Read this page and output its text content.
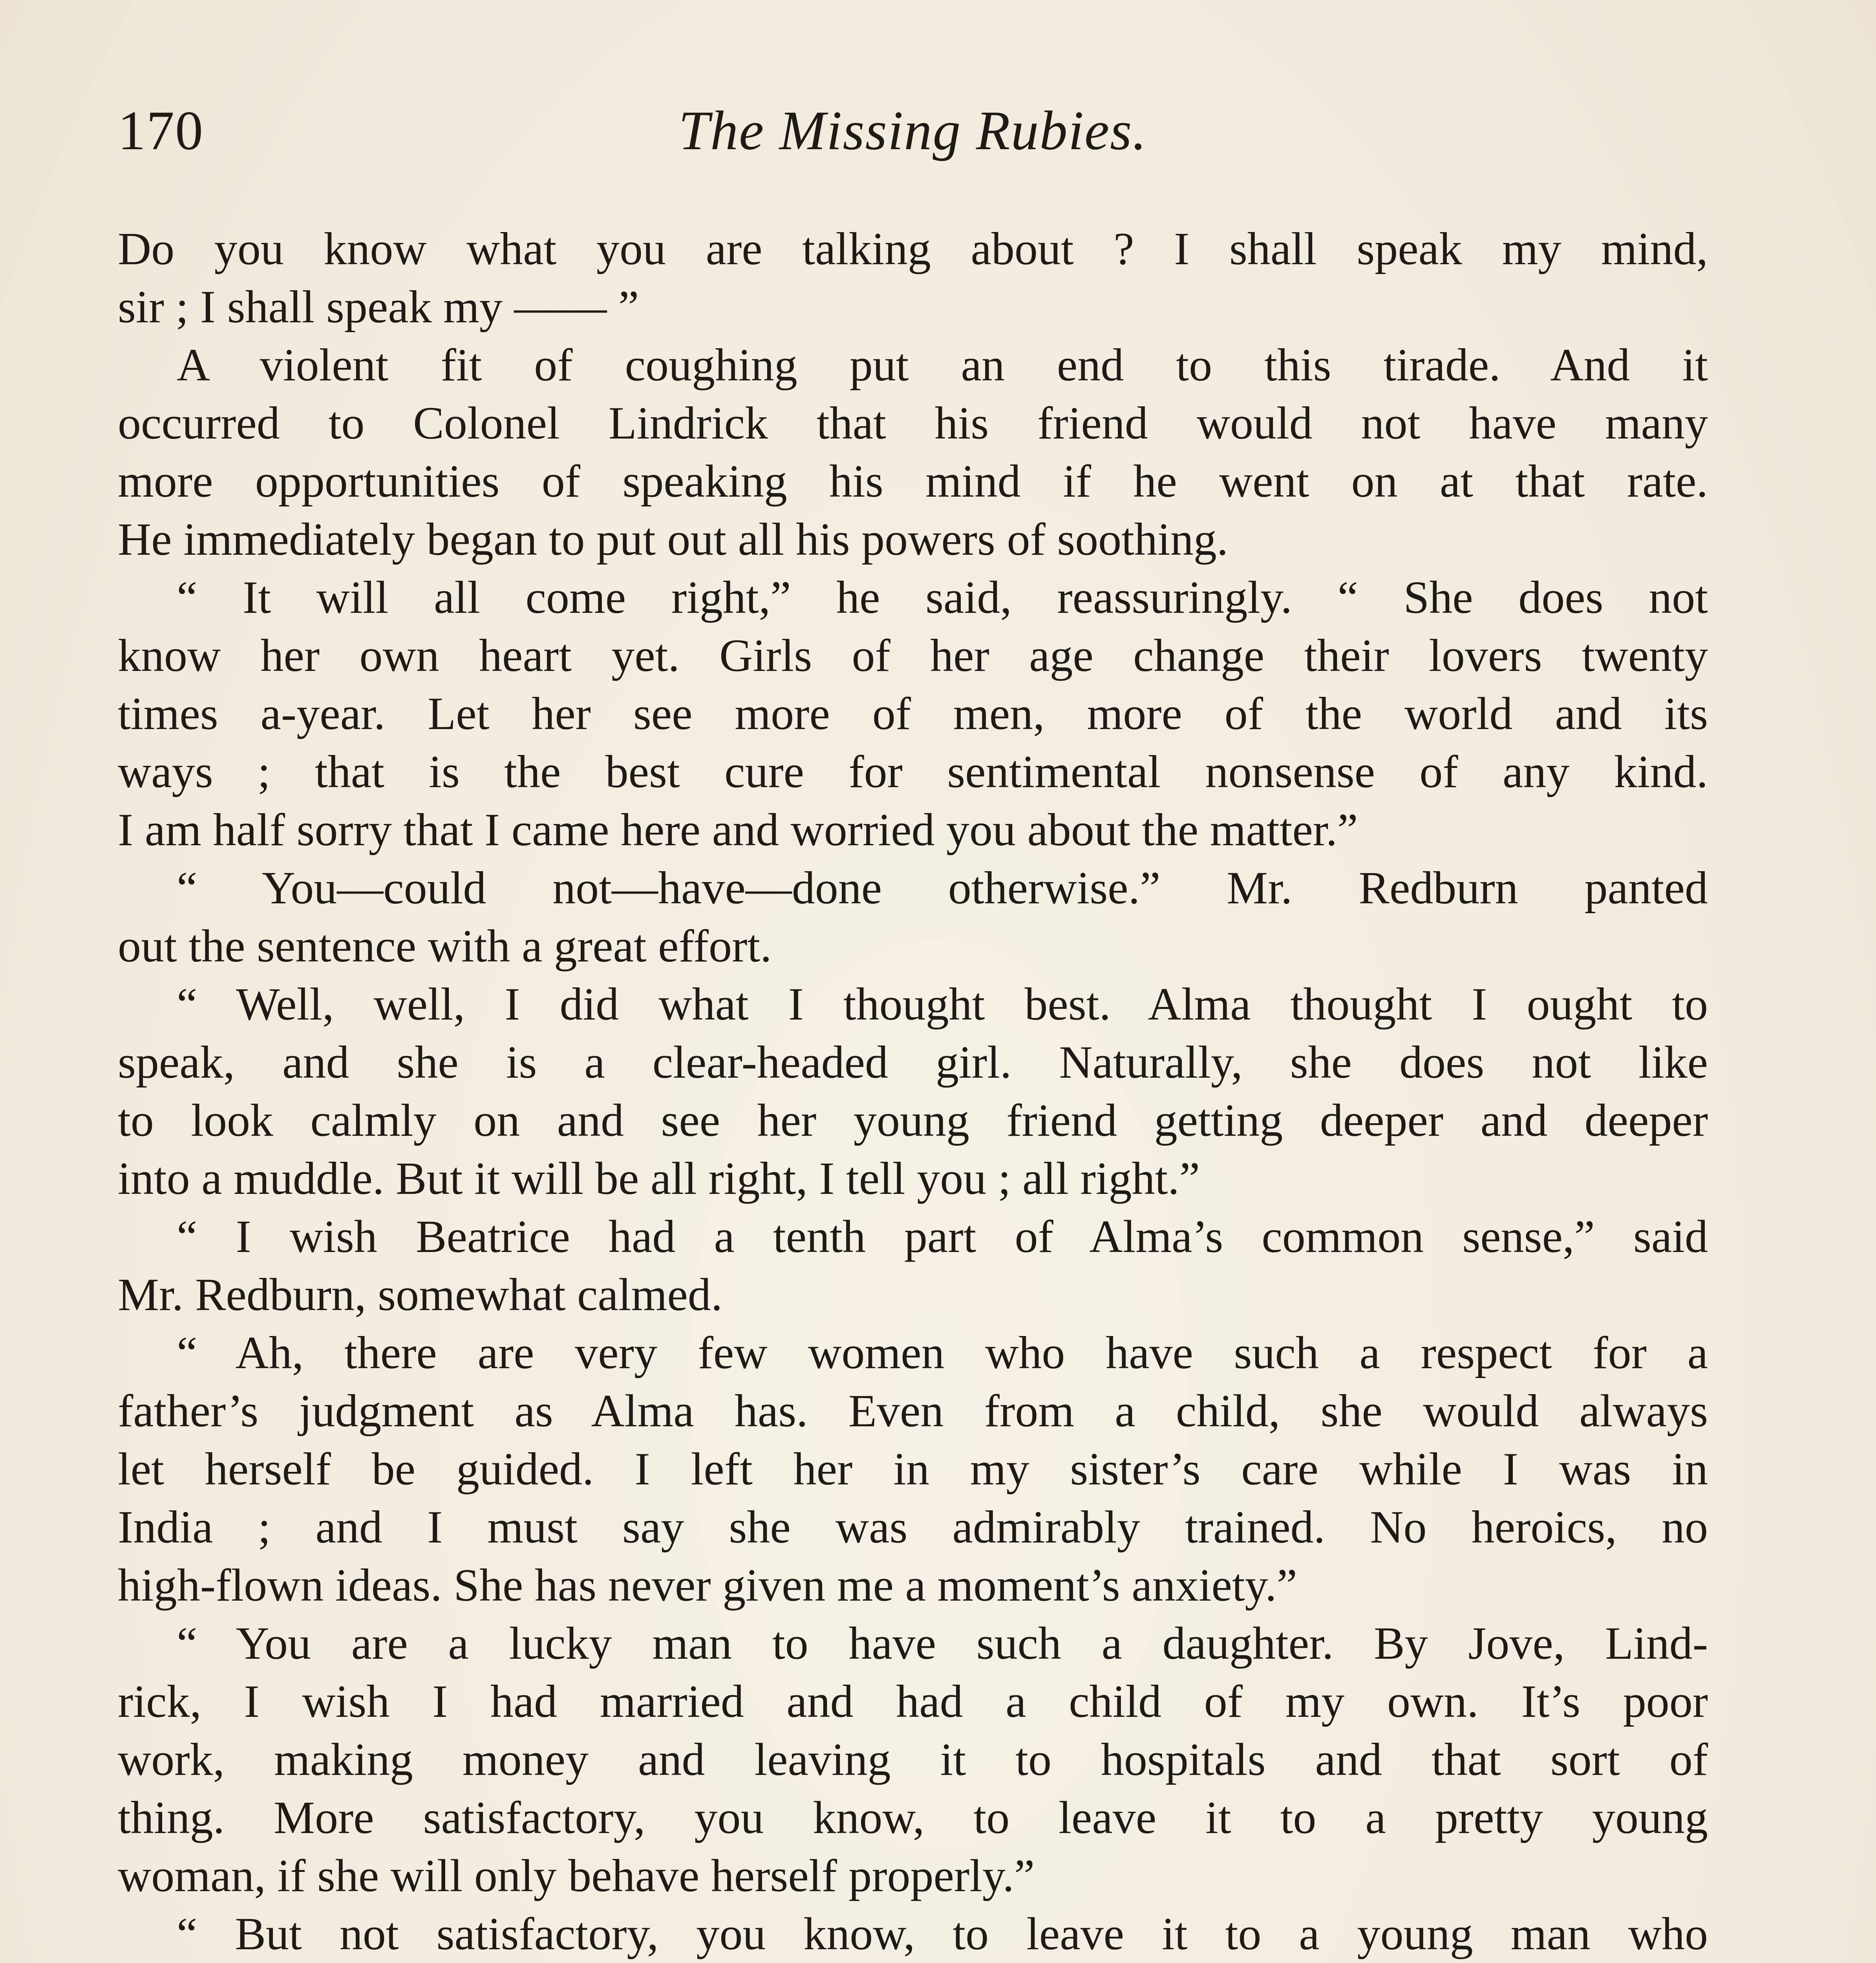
170	The Missing Rubies.
Do you know what you are talking about ? I shall speak my mind,
sir ; I shall speak my —— ”
A violent fit of coughing put an end to this tirade. And it
occurred to Colonel Lindrick that his friend would not have many
more opportunities of speaking his mind if he went on at that rate.
He immediately began to put out all his powers of soothing.
“ It will all come right,” he said, reassuringly. “ She does not
know her own heart yet. Girls of her age change their lovers twenty
times a-year. Let her see more of men, more of the world and its
ways ; that is the best cure for sentimental nonsense of any kind.
I am half sorry that I came here and worried you about the matter.”
“ You—could not—have—done otherwise.” Mr. Redburn panted
out the sentence with a great effort.
“ Well, well, I did what I thought best. Alma thought I ought to
speak, and she is a clear-headed girl. Naturally, she does not like
to look calmly on and see her young friend getting deeper and deeper
into a muddle. But it will be all right, I tell you ; all right.”
“ I wish Beatrice had a tenth part of Alma’s common sense,” said
Mr. Redburn, somewhat calmed.
“ Ah, there are very few women who have such a respect for a
father’s judgment as Alma has. Even from a child, she would always
let herself be guided. I left her in my sister’s care while I was in
India ; and I must say she was admirably trained. No heroics, no
high-flown ideas. She has never given me a moment’s anxiety.”
“ You are a lucky man to have such a daughter. By Jove, Lind-
rick, I wish I had married and had a child of my own. It’s poor
work, making money and leaving it to hospitals and that sort of
thing. More satisfactory, you know, to leave it to a pretty young
woman, if she will only behave herself properly.”
“ But not satisfactory, you know, to leave it to a young man who
